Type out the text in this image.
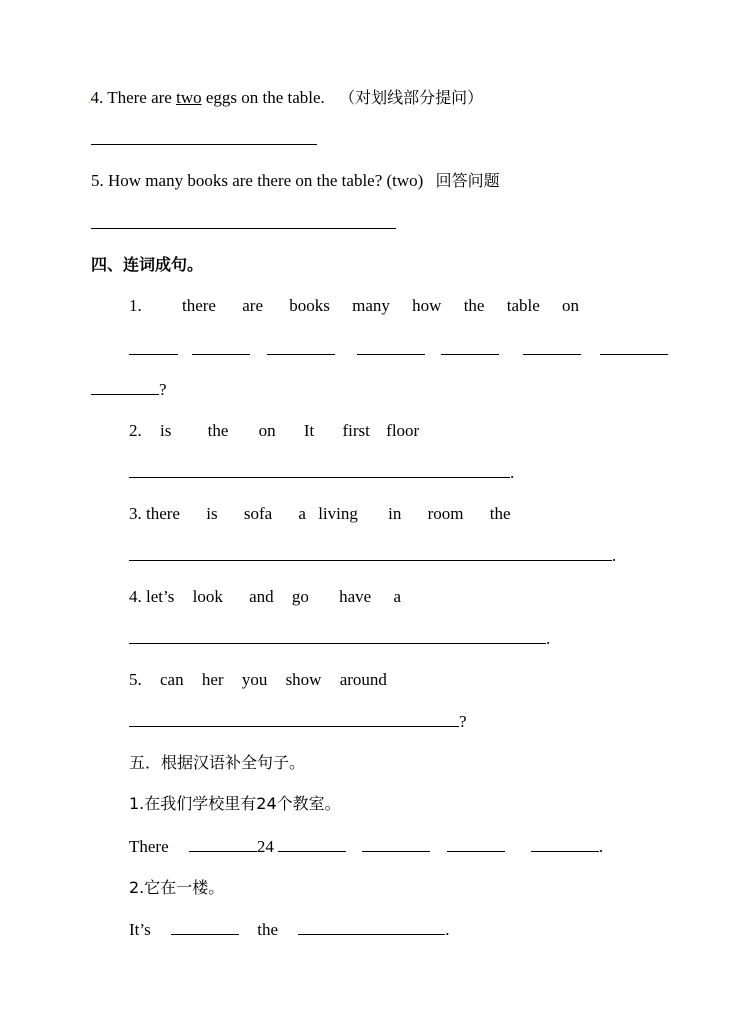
.4. There are two eggs on the table. （对划线部分提问）
5. How many books are there on the table? (two) 回答问题
四、连词成句。
1. there are books many how the table on

?
2. is the on It first floor
.
3. there is sofa a living in room the
.
4. let’s look and go have a
.
5. can her you show around
?
五．根据汉语补全句子。
1.在我们学校里有24个教室。
There	24	.
2.它在一楼。
It’s	the	.
